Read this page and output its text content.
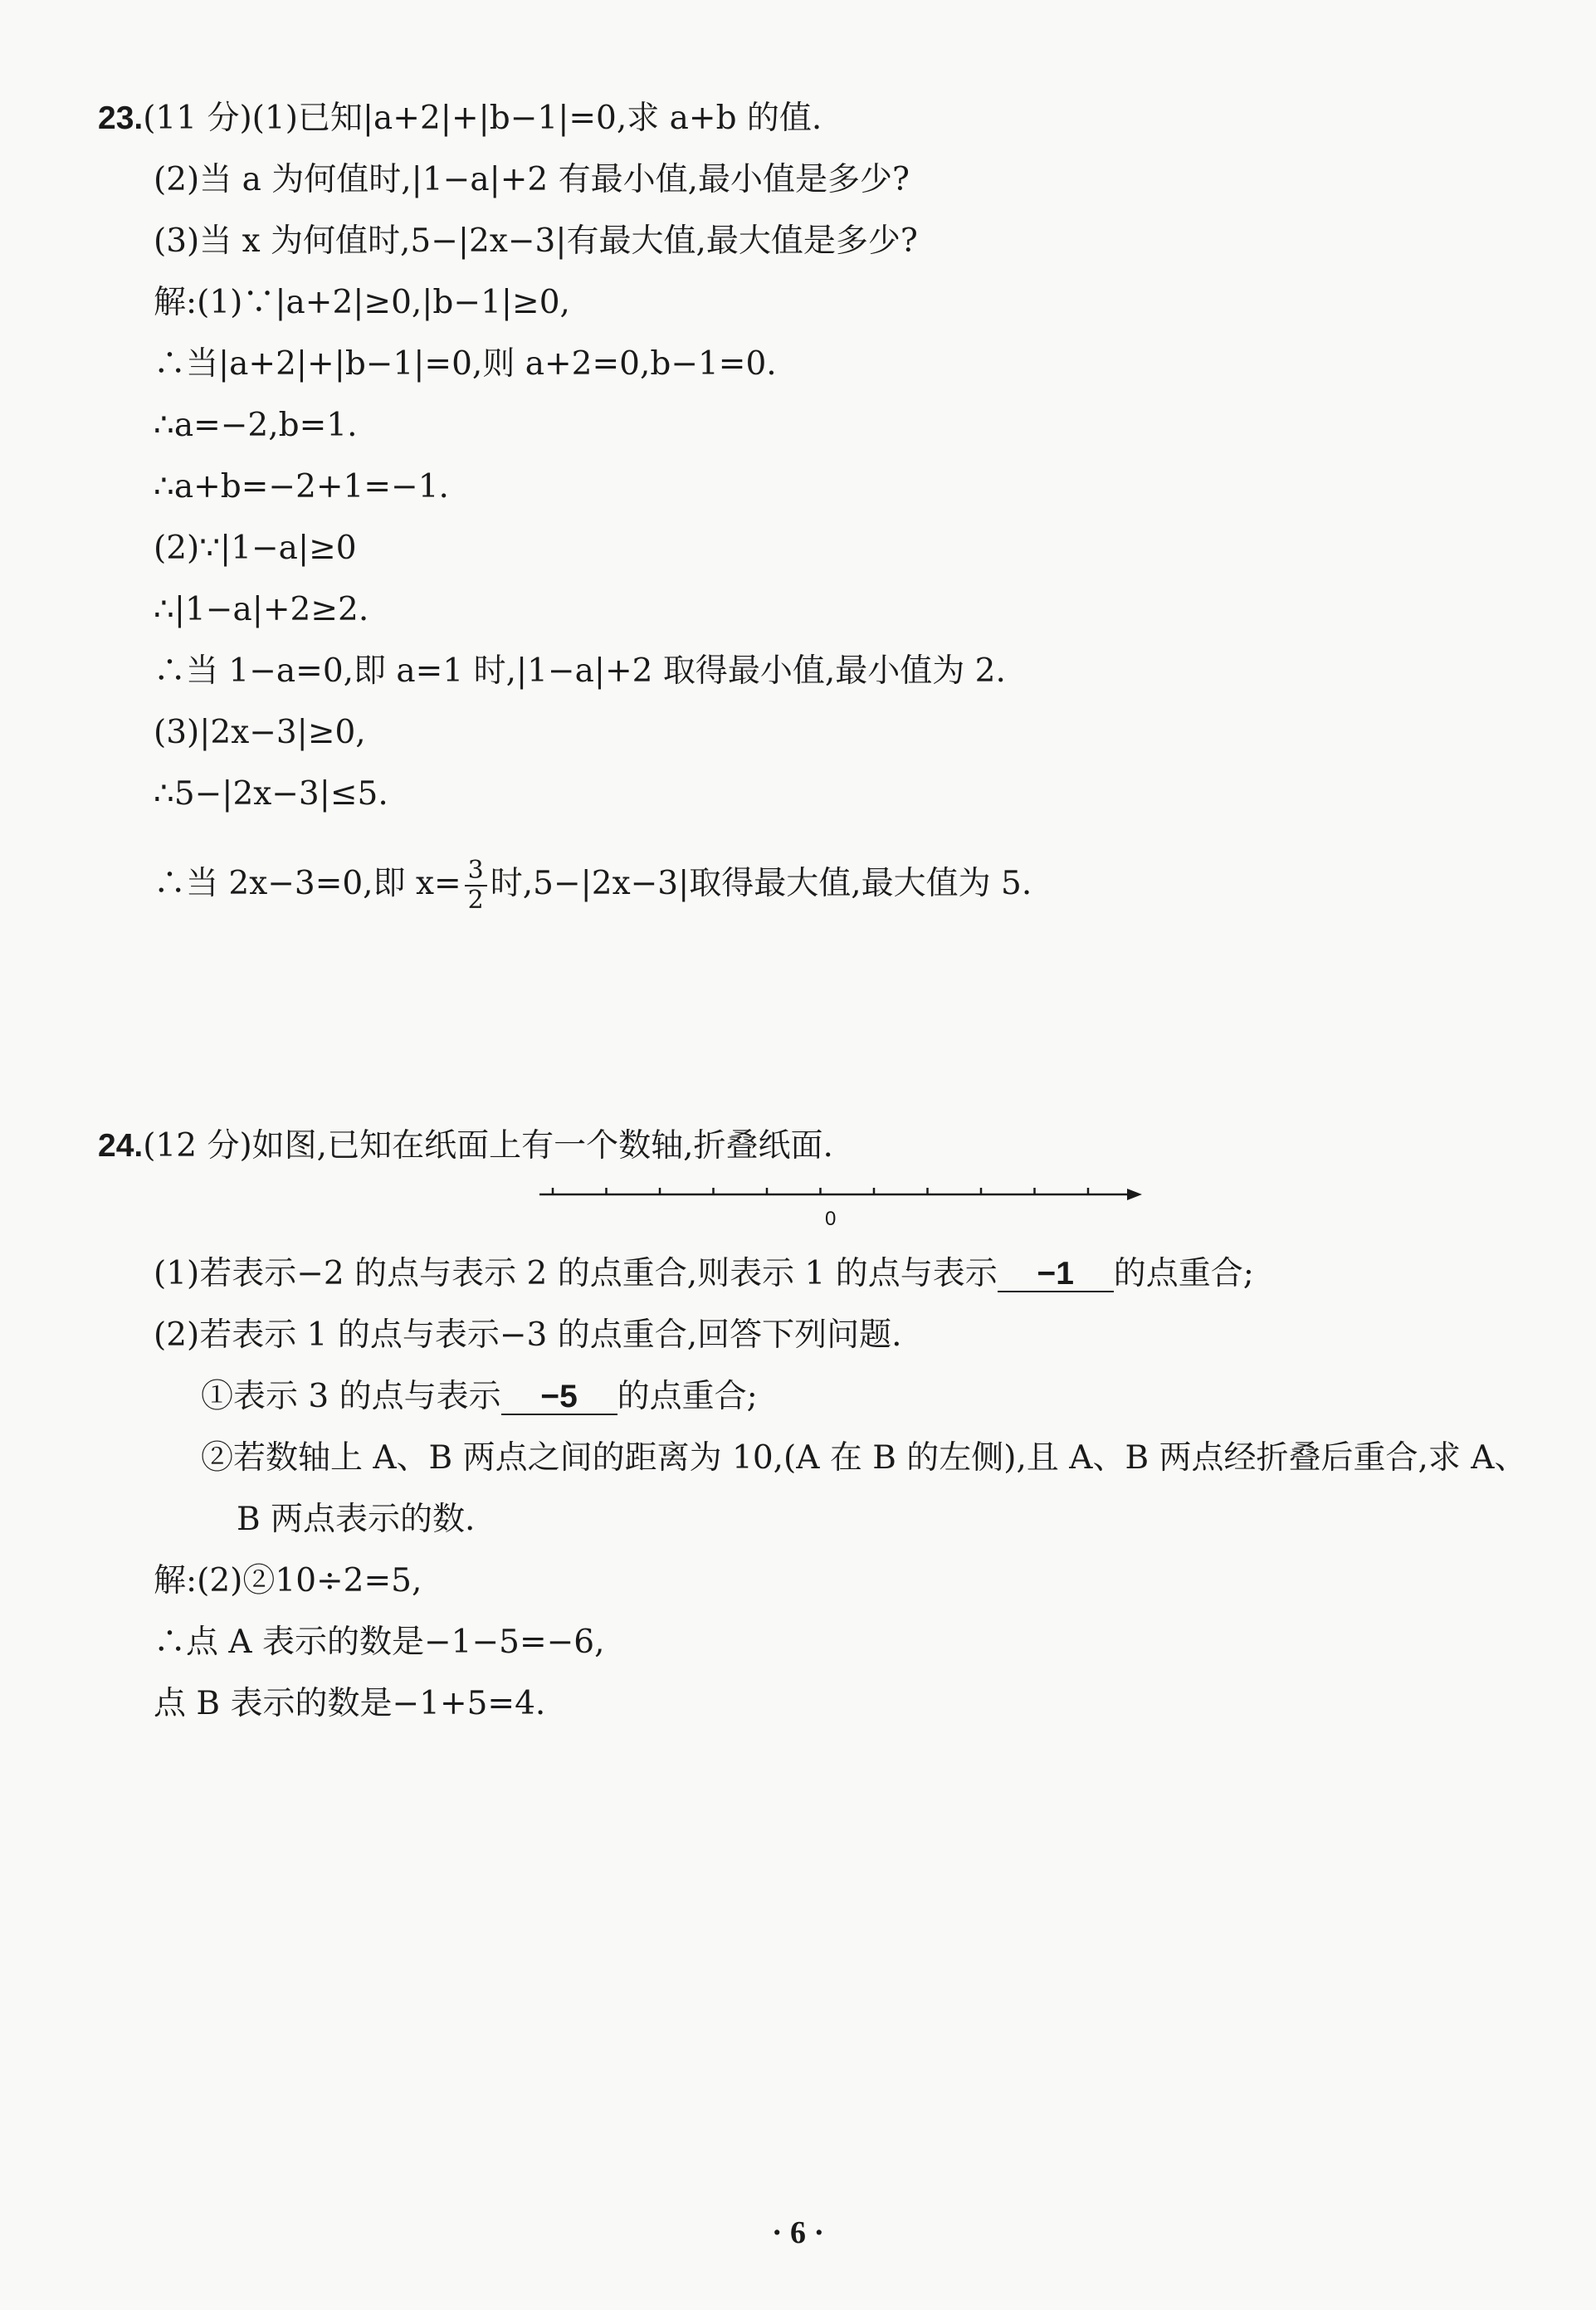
23.(11 分)(1)已知|a+2|+|b−1|=0,求 a+b 的值.
(2)当 a 为何值时,|1−a|+2 有最小值,最小值是多少?
(3)当 x 为何值时,5−|2x−3|有最大值,最大值是多少?
解:(1)∵|a+2|≥0,|b−1|≥0,
∴当|a+2|+|b−1|=0,则 a+2=0,b−1=0.
∴a=−2,b=1.
∴a+b=−2+1=−1.
(2)∵|1−a|≥0
∴|1−a|+2≥2.
∴当 1−a=0,即 a=1 时,|1−a|+2 取得最小值,最小值为 2.
(3)|2x−3|≥0,
∴5−|2x−3|≤5.
∴当 2x−3=0,即 $x= \frac{3}{2}$ 时,5−|2x−3|取得最大值,最大值为 5.
24.(12 分)如图,已知在纸面上有一个数轴,折叠纸面.
0
(1)若表示−2 的点与表示 2 的点重合,则表示 1 的点与表示 −1 的点重合;
(2)若表示 1 的点与表示−3 的点重合,回答下列问题.
①表示 3 的点与表示 −5 的点重合;
②若数轴上 A、B 两点之间的距离为 10,(A 在 B 的左侧),且 A、B 两点经折叠后重合,求 A、
B 两点表示的数.
解:(2)②10÷2=5,
∴点 A 表示的数是−1−5=−6,
点 B 表示的数是−1+5=4.
· 6 ·
